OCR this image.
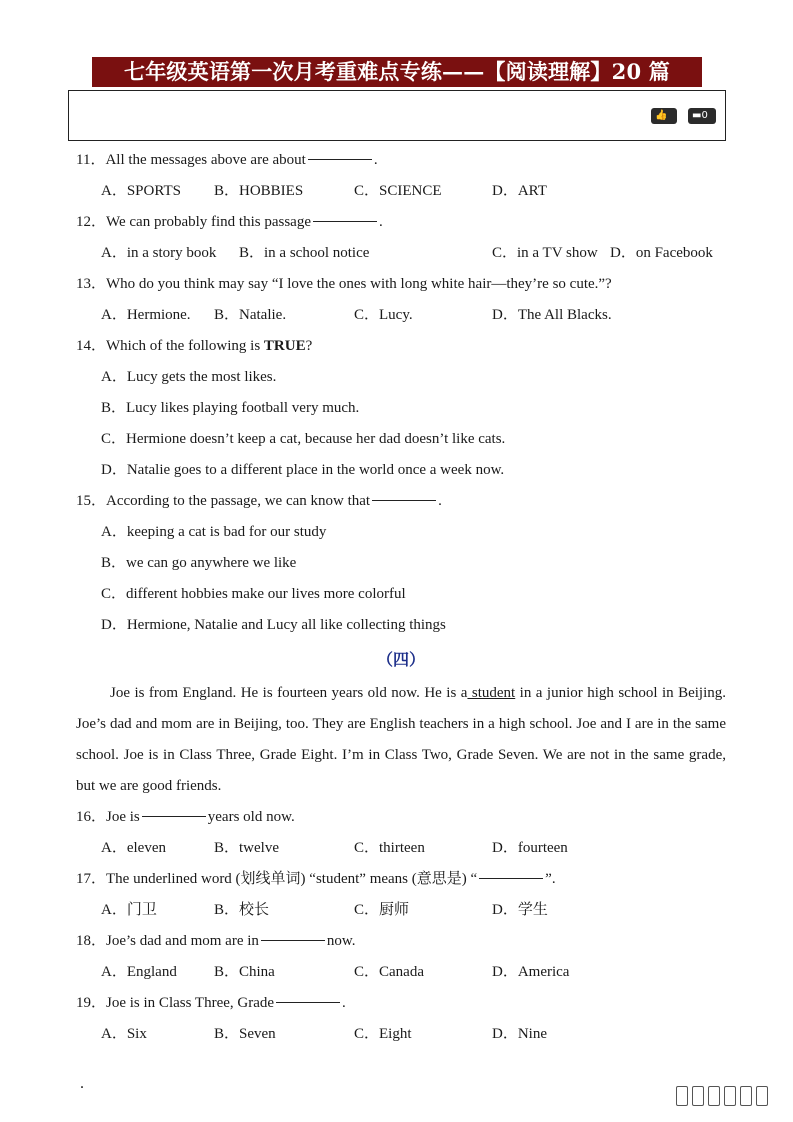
七年级英语第一次月考重难点专练——【阅读理解】20 篇
👍4
▬0
11． All the messages above are about	.
A．SPORTS	B．HOBBIES	C．SCIENCE	D．ART
12． We can probably find this passage	.
A．in a story book	B．in a school notice	C．in a TV show D．on Facebook
13． Who do you think may say “I love the ones with long white hair—they’re so cute.”?
A．Hermione.	B．Natalie.	C．Lucy.	D．The All Blacks.
14． Which of the following is TRUE ?
A．Lucy gets the most likes.
B．Lucy likes playing football very much.
C．Hermione doesn’t keep a cat, because her dad doesn’t like cats.
D．Natalie goes to a different place in the world once a week now.
15． According to the passage, we can know that	.
A．keeping a cat is bad for our study
B．we can go anywhere we like
C．different hobbies make our lives more colorful
D．Hermione, Natalie and Lucy all like collecting things
（四）
Joe is from England. He is fourteen years old now. He is a student in a junior high school in Beijing. Joe’s dad and mom are in Beijing, too. They are English teachers in a high school. Joe and I are in the same school. Joe is in Class Three, Grade Eight. I’m in Class Two, Grade Seven. We are not in the same grade, but we are good friends.
16． Joe is	years old now.
A．eleven	B．twelve	C．thirteen	D．fourteen
17． The underlined word (划线单词) “student” means (意思是) “	”.
A．门卫	B．校长	C．厨师	D．学生
18． Joe’s dad and mom are in	now.
A．England	B．China	C．Canada	D．America
19． Joe is in Class Three, Grade	.
A．Six	B．Seven	C．Eight	D．Nine
.
